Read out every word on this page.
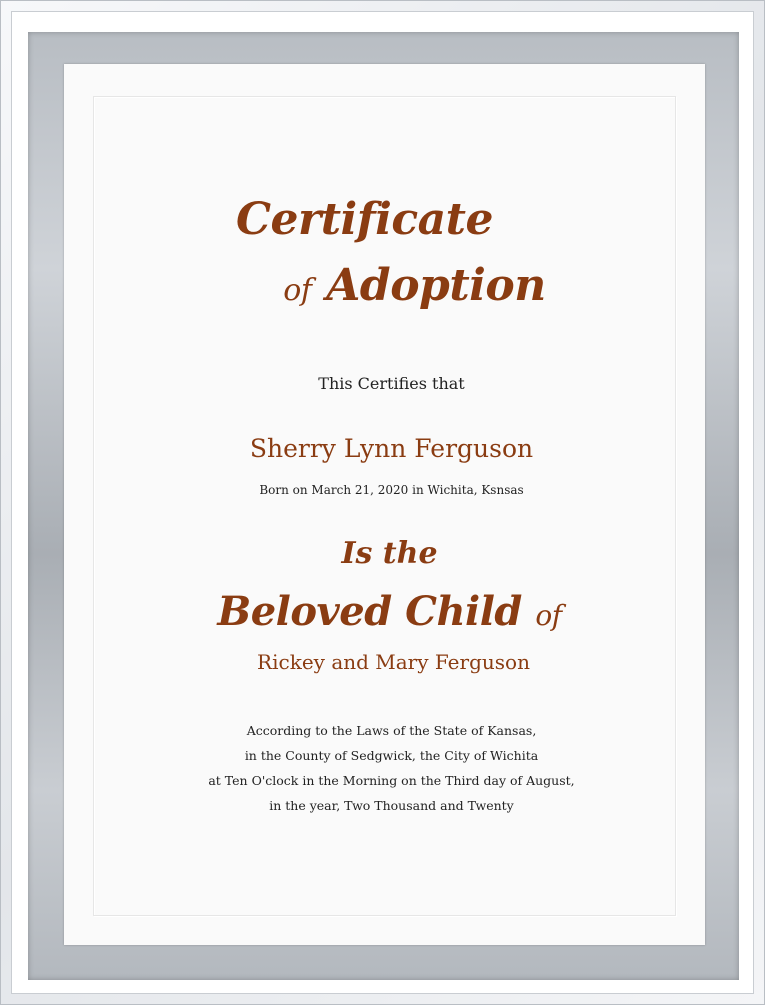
Certificate
of Adoption
This Certifies that
Sherry Lynn Ferguson
Born on March 21, 2020 in Wichita, Ksnsas
Is the
Beloved Child of
Rickey and Mary Ferguson
According to the Laws of the State of Kansas,
in the County of Sedgwick, the City of Wichita
at Ten O'clock in the Morning on the Third day of August,
in the year, Two Thousand and Twenty
